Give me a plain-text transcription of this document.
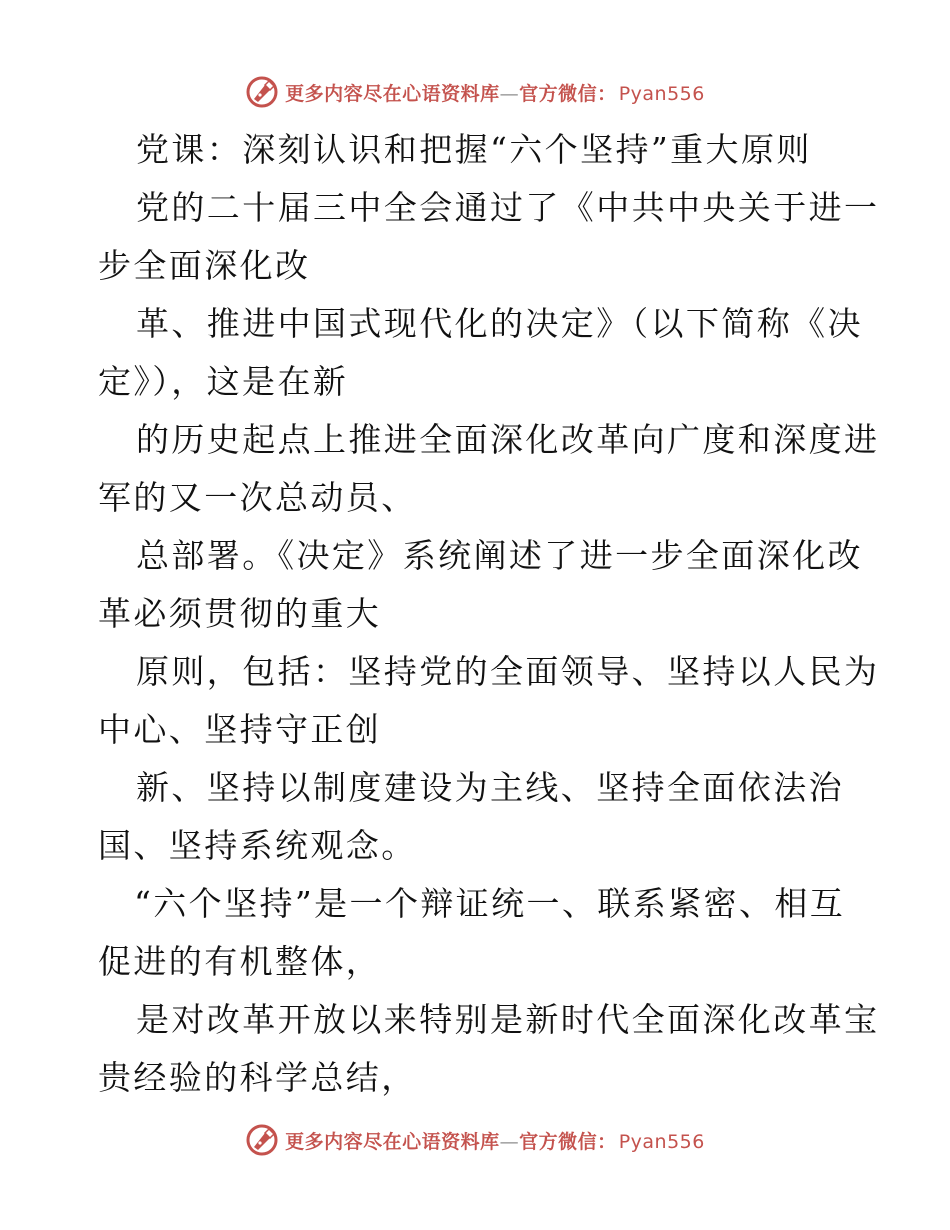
更多内容尽在心语资料库—官方微信： Pyan556
党课：深刻认识和把握“六个坚持”重大原则
党的二十届三中全会通过了《中共中央关于进一
步全面深化改
革、推进中国式现代化的决定》（以下简称《决
定》），这是在新
的历史起点上推进全面深化改革向广度和深度进
军的又一次总动员、
总部署。《决定》系统阐述了进一步全面深化改
革必须贯彻的重大
原则，包括：坚持党的全面领导、坚持以人民为
中心、坚持守正创
新、坚持以制度建设为主线、坚持全面依法治
国、坚持系统观念。
“六个坚持”是一个辩证统一、联系紧密、相互
促进的有机整体，
是对改革开放以来特别是新时代全面深化改革宝
贵经验的科学总结，
更多内容尽在心语资料库—官方微信： Pyan556
